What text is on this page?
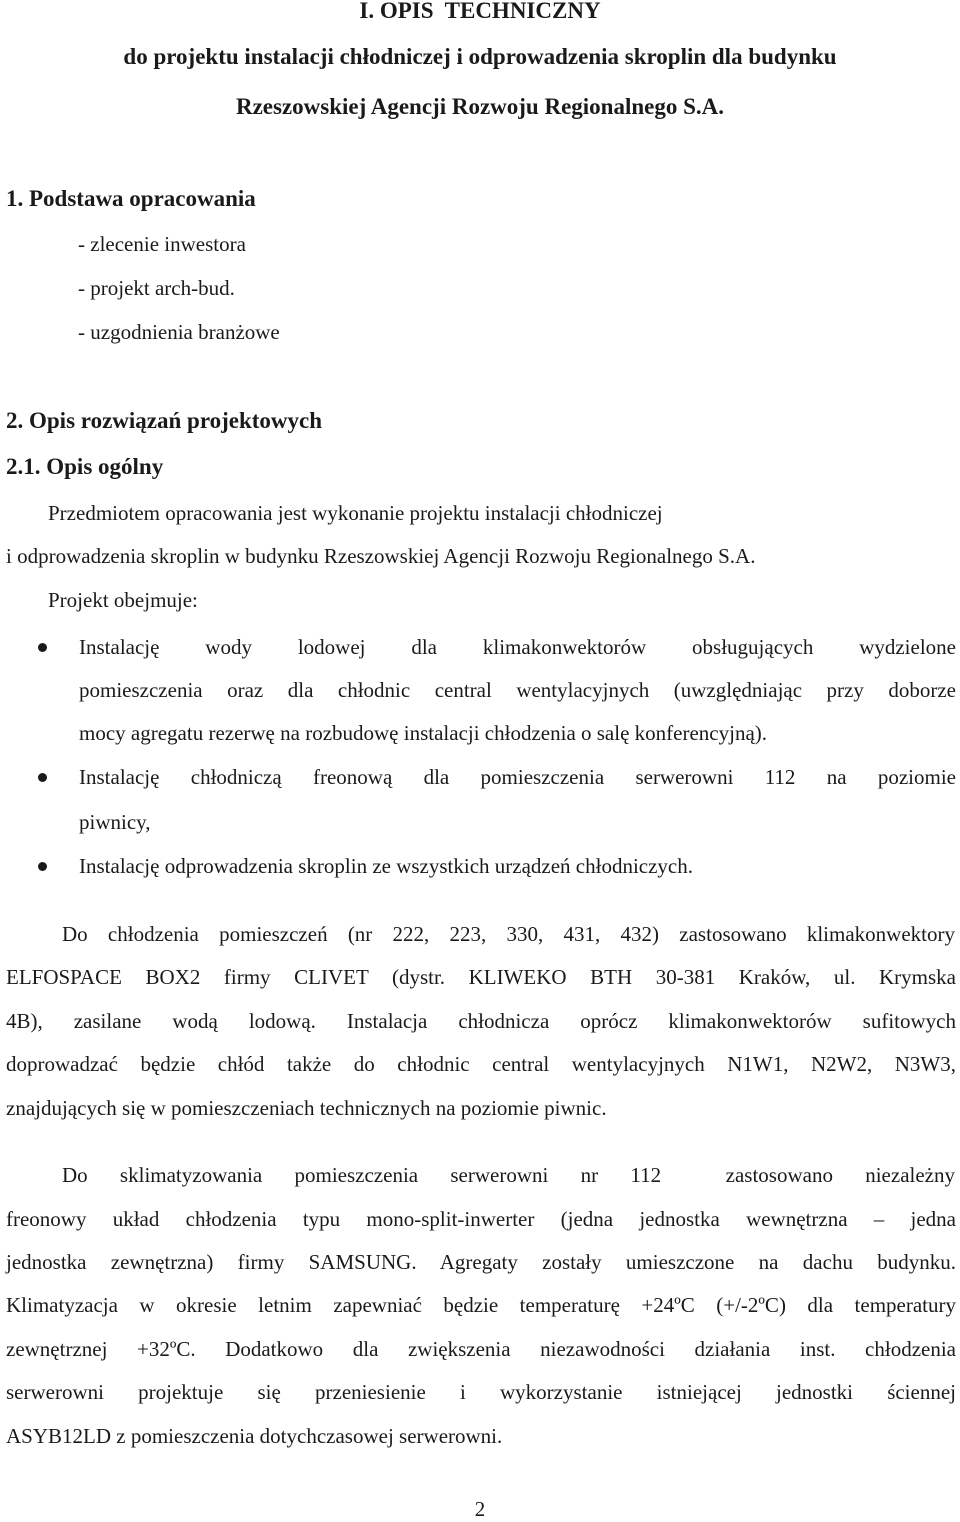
I. OPIS  TECHNICZNY
do projektu instalacji chłodniczej i odprowadzenia skroplin dla budynku
Rzeszowskiej Agencji Rozwoju Regionalnego S.A.
1. Podstawa opracowania
- zlecenie inwestora
- projekt arch-bud.
- uzgodnienia branżowe
2. Opis rozwiązań projektowych
2.1. Opis ogólny
Przedmiotem opracowania jest wykonanie projektu instalacji chłodniczej
i odprowadzenia skroplin w budynku Rzeszowskiej Agencji Rozwoju Regionalnego S.A.
Projekt obejmuje:
Instalację wody lodowej dla klimakonwektorów obsługujących wydzielone
pomieszczenia oraz dla chłodnic central wentylacyjnych (uwzględniając przy doborze
mocy agregatu rezerwę na rozbudowę instalacji chłodzenia o salę konferencyjną).
Instalację chłodniczą freonową dla pomieszczenia serwerowni 112 na poziomie
piwnicy,
Instalację odprowadzenia skroplin ze wszystkich urządzeń chłodniczych.
Do chłodzenia pomieszczeń (nr 222, 223, 330, 431, 432) zastosowano klimakonwektory
ELFOSPACE BOX2 firmy CLIVET (dystr. KLIWEKO BTH 30-381 Kraków, ul. Krymska
4B), zasilane wodą lodową. Instalacja chłodnicza oprócz klimakonwektorów sufitowych
doprowadzać będzie chłód także do chłodnic central wentylacyjnych N1W1, N2W2, N3W3,
znajdujących się w pomieszczeniach technicznych na poziomie piwnic.
Do sklimatyzowania pomieszczenia serwerowni nr 112  zastosowano niezależny
freonowy układ chłodzenia typu mono-split-inwerter (jedna jednostka wewnętrzna – jedna
jednostka zewnętrzna) firmy SAMSUNG. Agregaty zostały umieszczone na dachu budynku.
Klimatyzacja w okresie letnim zapewniać będzie temperaturę +24ºC (+/-2ºC) dla temperatury
zewnętrznej +32ºC. Dodatkowo dla zwiększenia niezawodności działania inst. chłodzenia
serwerowni projektuje się przeniesienie i wykorzystanie istniejącej jednostki ściennej
ASYB12LD z pomieszczenia dotychczasowej serwerowni.
2
